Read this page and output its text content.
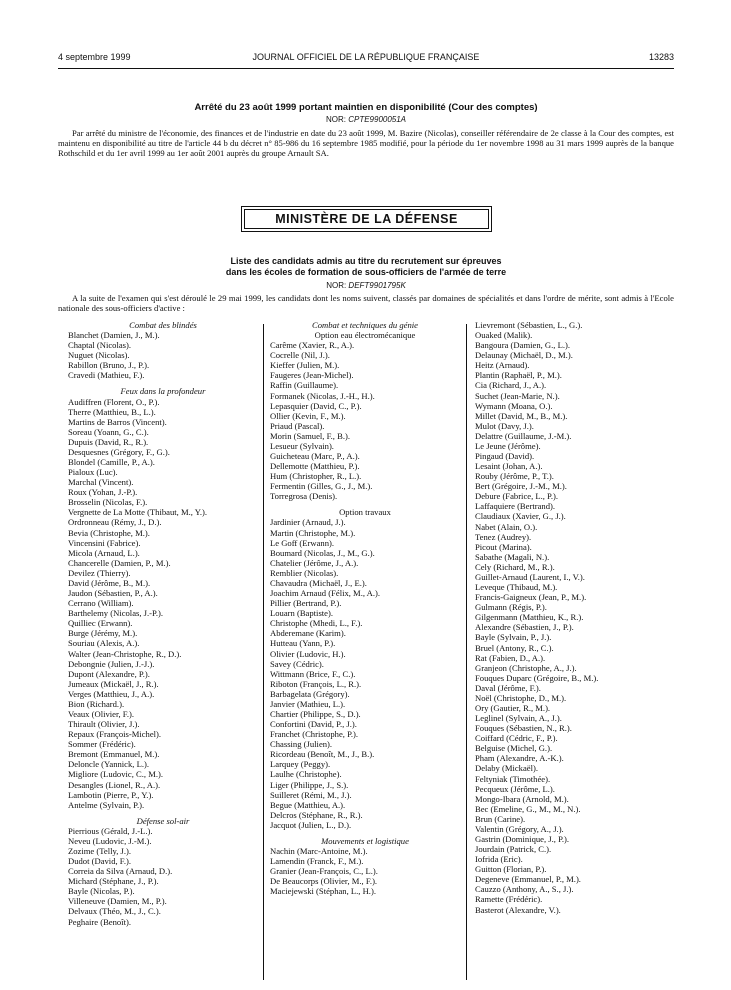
4 septembre 1999	JOURNAL OFFICIEL DE LA RÉPUBLIQUE FRANÇAISE	13283
Arrêté du 23 août 1999 portant maintien en disponibilité (Cour des comptes)
NOR: CPTE9900051A
Par arrêté du ministre de l'économie, des finances et de l'industrie en date du 23 août 1999, M. Bazire (Nicolas), conseiller référendaire de 2e classe à la Cour des comptes, est maintenu en disponibilité au titre de l'article 44 b du décret n° 85-986 du 16 septembre 1985 modifié, pour la période du 1er novembre 1998 au 31 mars 1999 auprès de la banque Rothschild et du 1er avril 1999 au 1er août 2001 auprès du groupe Arnault SA.
MINISTÈRE DE LA DÉFENSE
Liste des candidats admis au titre du recrutement sur épreuves
dans les écoles de formation de sous-officiers de l'armée de terre
NOR: DEFT9901795K
A la suite de l'examen qui s'est déroulé le 29 mai 1999, les candidats dont les noms suivent, classés par domaines de spécialités et dans l'ordre de mérite, sont admis à l'Ecole nationale des sous-officiers d'active :
Combat des blindés
Blanchet (Damien, J., M.).
Chaptal (Nicolas).
Nuguet (Nicolas).
Rabillon (Bruno, J., P.).
Cravedi (Mathieu, F.).
Feux dans la profondeur
Audiffren (Florent, O., P.).
Therre (Matthieu, B., L.).
Martins de Barros (Vincent).
Soreau (Yoann, G., C.).
Dupuis (David, R., R.).
Desquesnes (Grégory, F., G.).
Blondel (Camille, P., A.).
Pialoux (Luc).
Marchal (Vincent).
Roux (Yohan, J.-P.).
Brosselin (Nicolas, F.).
Vergnette de La Motte (Thibaut, M., Y.).
Ordronneau (Rémy, J., D.).
Bevia (Christophe, M.).
Vincensini (Fabrice).
Micola (Arnaud, L.).
Chancerelle (Damien, P., M.).
Devilez (Thierry).
David (Jérôme, B., M.).
Jaudon (Sébastien, P., A.).
Cerrano (William).
Barthelemy (Nicolas, J.-P.).
Quilliec (Erwann).
Burge (Jérémy, M.).
Souriau (Alexis, A.).
Walter (Jean-Christophe, R., D.).
Debongnie (Julien, J.-J.).
Dupont (Alexandre, P.).
Jumeaux (Mickaël, J., R.).
Verges (Matthieu, J., A.).
Bion (Richard.).
Veaux (Olivier, F.).
Thirault (Olivier, J.).
Repaux (François-Michel).
Sommer (Frédéric).
Bremont (Emmanuel, M.).
Deloncle (Yannick, L.).
Migliore (Ludovic, C., M.).
Desangles (Lionel, R., A.).
Lambotin (Pierre, P., Y.).
Antelme (Sylvain, P.).
Défense sol-air
Pierrious (Gérald, J.-L.).
Neveu (Ludovic, J.-M.).
Zozime (Telly, J.).
Dudot (David, F.).
Correia da Silva (Arnaud, D.).
Michard (Stéphane, J., P.).
Bayle (Nicolas, P.).
Villeneuve (Damien, M., P.).
Delvaux (Théo, M., J., C.).
Peghaire (Benoît).
Combat et techniques du génie
Option eau électromécanique
Carême (Xavier, R., A.).
Cocrelle (Nil, J.).
Kieffer (Julien, M.).
Faugeres (Jean-Michel).
Raffin (Guillaume).
Formanek (Nicolas, J.-H., H.).
Lepasquier (David, C., P.).
Ollier (Kevin, F., M.).
Priaud (Pascal).
Morin (Samuel, F., B.).
Lesueur (Sylvain).
Guicheteau (Marc, P., A.).
Dellemotte (Matthieu, P.).
Hum (Christopher, R., L.).
Fermentin (Gilles, G., J., M.).
Torregrosa (Denis).
Option travaux
Jardinier (Arnaud, J.).
Martin (Christophe, M.).
Le Goff (Erwann).
Boumard (Nicolas, J., M., G.).
Chatelier (Jérôme, J., A.).
Remblier (Nicolas).
Chavaudra (Michaël, J., E.).
Joachim Arnaud (Félix, M., A.).
Pillier (Bertrand, P.).
Louarn (Baptiste).
Christophe (Mhedi, L., F.).
Abderemane (Karim).
Hutteau (Yann, P.).
Olivier (Ludovic, H.).
Savey (Cédric).
Wittmann (Brice, F., C.).
Riboton (François, L., R.).
Barbagelata (Grégory).
Janvier (Mathieu, L.).
Chartier (Philippe, S., D.).
Confortini (David, P., J.).
Franchet (Christophe, P.).
Chassing (Julien).
Ricordeau (Benoît, M., J., B.).
Larquey (Peggy).
Laulhe (Christophe).
Liger (Philippe, J., S.).
Suilleret (Rémi, M., J.).
Begue (Matthieu, A.).
Delcros (Stéphane, R., R.).
Jacquot (Julien, L., D.).
Mouvements et logistique
Nachin (Marc-Antoine, M.).
Lamendin (Franck, F., M.).
Granier (Jean-François, C., L.).
De Beaucorps (Olivier, M., F.).
Maciejewski (Stéphan, L., H.).
Lievremont (Sébastien, L., G.).
Ouaked (Malik).
Bangoura (Damien, G., L.).
Delaunay (Michaël, D., M.).
Heitz (Arnaud).
Plantin (Raphaël, P., M.).
Cia (Richard, J., A.).
Suchet (Jean-Marie, N.).
Wymann (Moana, O.).
Millet (David, M., B., M.).
Mulot (Davy, J.).
Delattre (Guillaume, J.-M.).
Le Jeune (Jérôme).
Pingaud (David).
Lesaint (Johan, A.).
Rouby (Jérôme, P., T.).
Bert (Grégoire, J.-M., M.).
Debure (Fabrice, L., P.).
Laffaquiere (Bertrand).
Claudiaux (Xavier, G., J.).
Nabet (Alain, O.).
Tenez (Audrey).
Picout (Marina).
Sabathe (Magali, N.).
Cely (Richard, M., R.).
Guillet-Arnaud (Laurent, I., V.).
Leveque (Thibaud, M.).
Francis-Gaigneux (Jean, P., M.).
Gulmann (Régis, P.).
Gilgenmann (Matthieu, K., R.).
Alexandre (Sébastien, J., P.).
Bayle (Sylvain, P., J.).
Bruel (Antony, R., C.).
Rat (Fabien, D., A.).
Granjeon (Christophe, A., J.).
Fouques Duparc (Grégoire, B., M.).
Daval (Jérôme, F.).
Noël (Christophe, D., M.).
Ory (Gautier, R., M.).
Leglinel (Sylvain, A., J.).
Fouques (Sébastien, N., R.).
Coiffard (Cédric, F., P.).
Belguise (Michel, G.).
Pham (Alexandre, A.-K.).
Delaby (Mickaël).
Feltyniak (Timothée).
Pecqueux (Jérôme, L.).
Mongo-Ibara (Arnold, M.).
Bec (Emeline, G., M., M., N.).
Brun (Carine).
Valentin (Grégory, A., J.).
Gastrin (Dominique, J., P.).
Jourdain (Patrick, C.).
Iofrida (Eric).
Guitton (Florian, P.).
Degeneve (Emmanuel, P., M.).
Cauzzo (Anthony, A., S., J.).
Ramette (Frédéric).
Basterot (Alexandre, V.).
